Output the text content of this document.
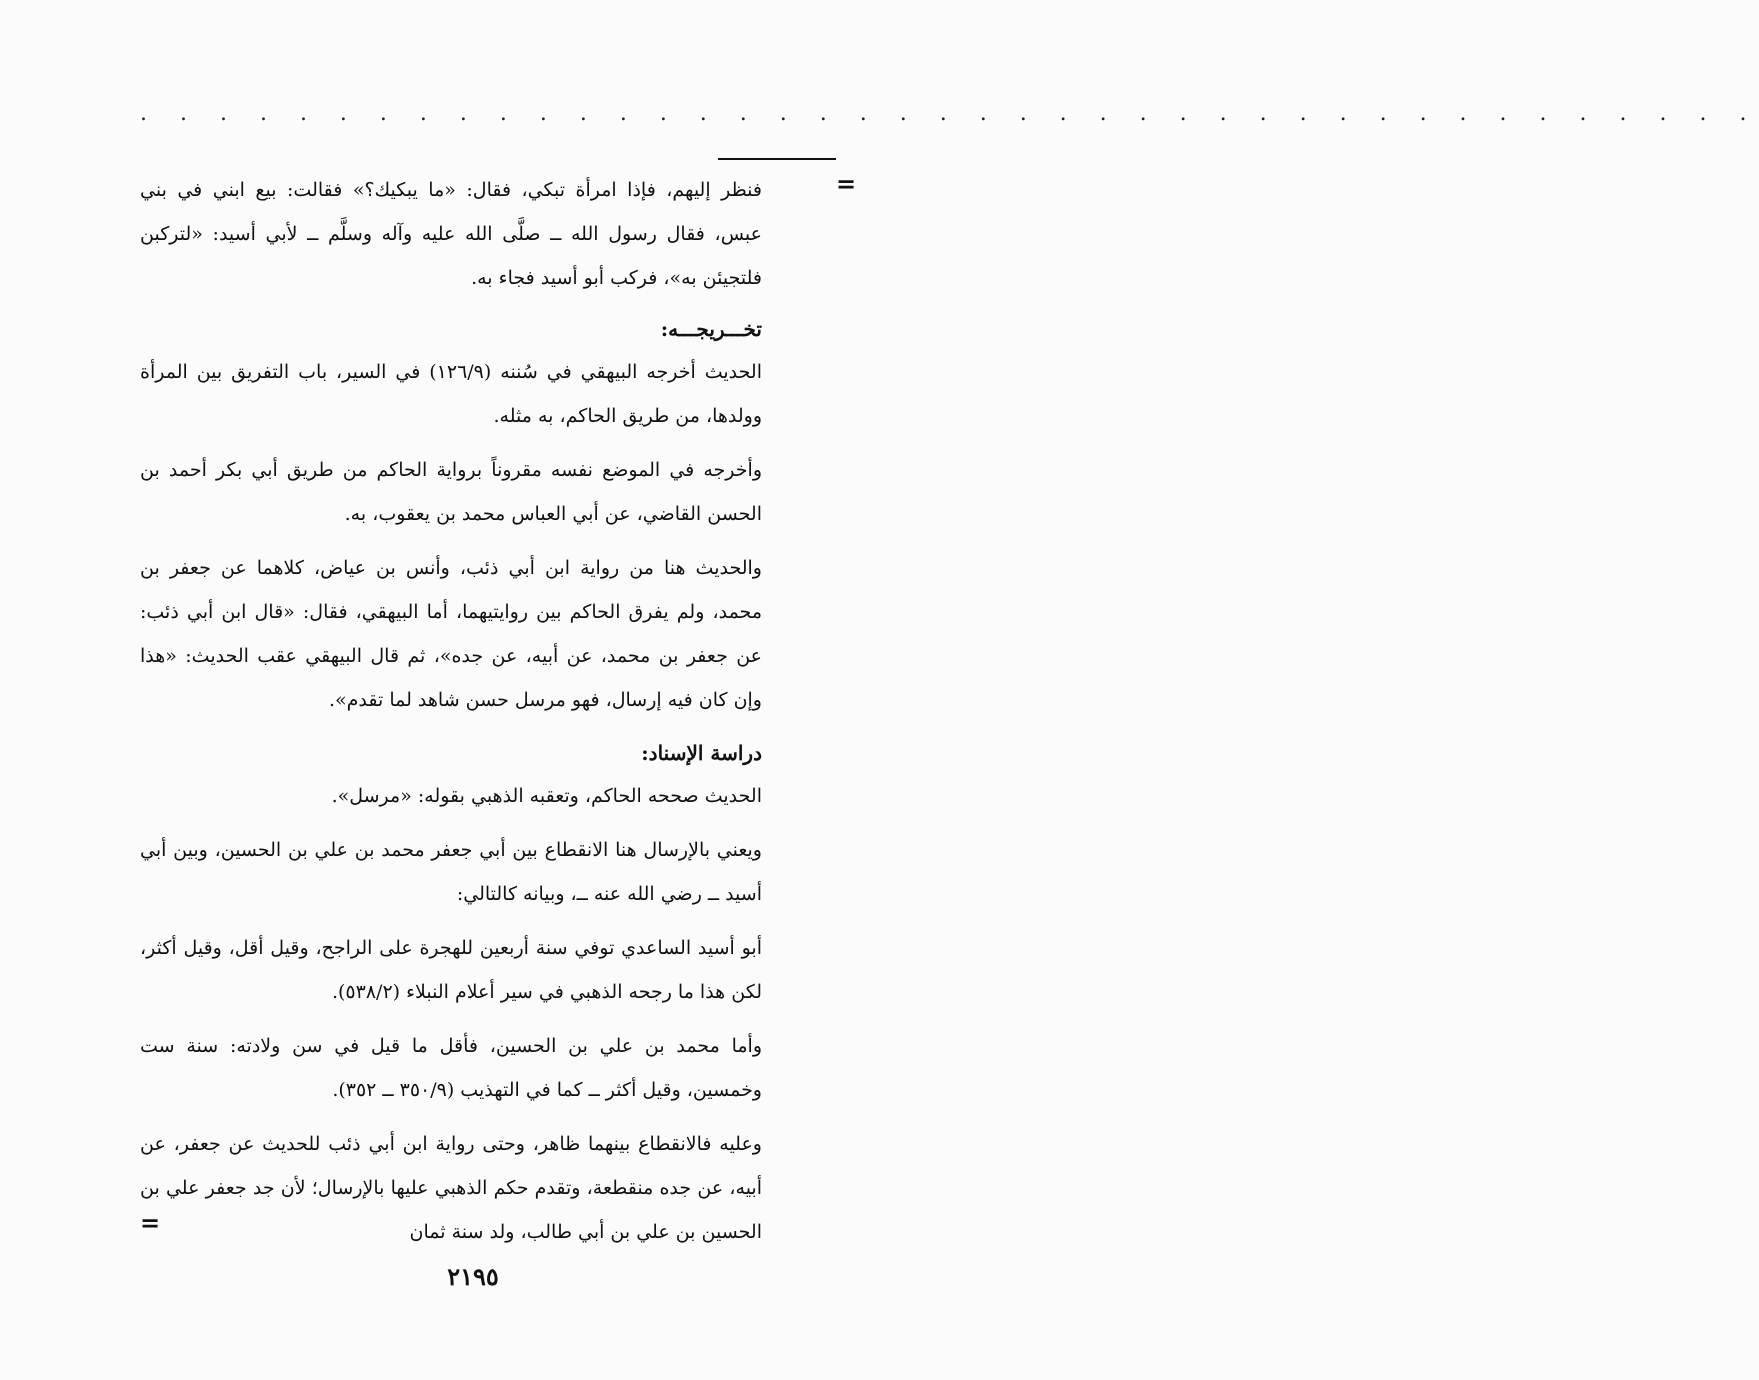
. . . . . . . . . . . . . . . . . . . . . . . . . . . . . . . . . . . . . . . . .
=

فنظر إليهم، فإذا امرأة تبكي، فقال: «ما يبكيك؟» فقالت: بيع ابني في بني عبس، فقال رسول الله ــ صلَّى الله عليه وآله وسلَّم ــ لأبي أسيد: «لتركبن فلتجيئن به»، فركب أبو أسيد فجاء به.

تخـــريجـــه:

الحديث أخرجه البيهقي في سُننه (١٢٦/٩) في السير، باب التفريق بين المرأة وولدها، من طريق الحاكم، به مثله.

وأخرجه في الموضع نفسه مقروناً برواية الحاكم من طريق أبي بكر أحمد بن الحسن القاضي، عن أبي العباس محمد بن يعقوب، به.

والحديث هنا من رواية ابن أبي ذئب، وأنس بن عياض، كلاهما عن جعفر بن محمد، ولم يفرق الحاكم بين روايتيهما، أما البيهقي، فقال: «قال ابن أبي ذئب: عن جعفر بن محمد، عن أبيه، عن جده»، ثم قال البيهقي عقب الحديث: «هذا وإن كان فيه إرسال، فهو مرسل حسن شاهد لما تقدم».

دراسة الإسناد:

الحديث صححه الحاكم، وتعقبه الذهبي بقوله: «مرسل».

ويعني بالإرسال هنا الانقطاع بين أبي جعفر محمد بن علي بن الحسين، وبين أبي أسيد ــ رضي الله عنه ــ، وبيانه كالتالي:

أبو أسيد الساعدي توفي سنة أربعين للهجرة على الراجح، وقيل أقل، وقيل أكثر، لكن هذا ما رجحه الذهبي في سير أعلام النبلاء (٥٣٨/٢).

وأما محمد بن علي بن الحسين، فأقل ما قيل في سن ولادته: سنة ست وخمسين، وقيل أكثر ــ كما في التهذيب (٣٥٠/٩ ــ ٣٥٢).

وعليه فالانقطاع بينهما ظاهر، وحتى رواية ابن أبي ذئب للحديث عن جعفر، عن أبيه، عن جده منقطعة، وتقدم حكم الذهبي عليها بالإرسال؛ لأن جد جعفر علي بن الحسين بن علي بن أبي طالب، ولد سنة ثمان

=
٢١٩٥
